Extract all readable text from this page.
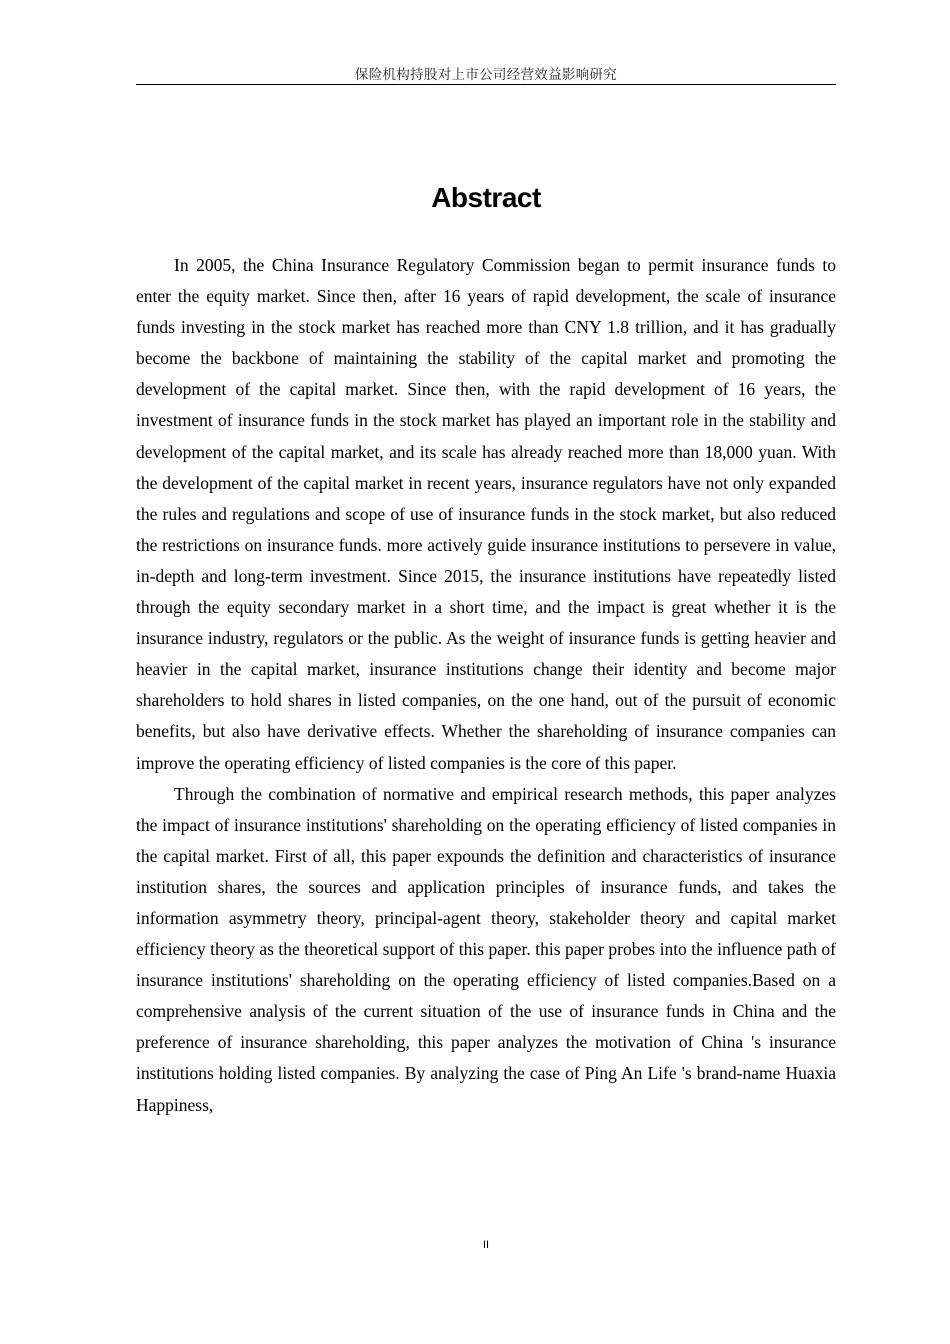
保险机构持股对上市公司经营效益影响研究
Abstract

In 2005, the China Insurance Regulatory Commission began to permit insurance funds to enter the equity market. Since then, after 16 years of rapid development, the scale of insurance funds investing in the stock market has reached more than CNY 1.8 trillion, and it has gradually become the backbone of maintaining the stability of the capital market and promoting the development of the capital market. Since then, with the rapid development of 16 years, the investment of insurance funds in the stock market has played an important role in the stability and development of the capital market, and its scale has already reached more than 18,000 yuan. With the development of the capital market in recent years, insurance regulators have not only expanded the rules and regulations and scope of use of insurance funds in the stock market, but also reduced the restrictions on insurance funds. more actively guide insurance institutions to persevere in value, in-depth and long-term investment. Since 2015, the insurance institutions have repeatedly listed through the equity secondary market in a short time, and the impact is great whether it is the insurance industry, regulators or the public. As the weight of insurance funds is getting heavier and heavier in the capital market, insurance institutions change their identity and become major shareholders to hold shares in listed companies, on the one hand, out of the pursuit of economic benefits, but also have derivative effects. Whether the shareholding of insurance companies can improve the operating efficiency of listed companies is the core of this paper.

Through the combination of normative and empirical research methods, this paper analyzes the impact of insurance institutions' shareholding on the operating efficiency of listed companies in the capital market. First of all, this paper expounds the definition and characteristics of insurance institution shares, the sources and application principles of insurance funds, and takes the information asymmetry theory, principal-agent theory, stakeholder theory and capital market efficiency theory as the theoretical support of this paper. this paper probes into the influence path of insurance institutions' shareholding on the operating efficiency of listed companies.Based on a comprehensive analysis of the current situation of the use of insurance funds in China and the preference of insurance shareholding, this paper analyzes the motivation of China 's insurance institutions holding listed companies. By analyzing the case of Ping An Life 's brand-name Huaxia Happiness,

II
